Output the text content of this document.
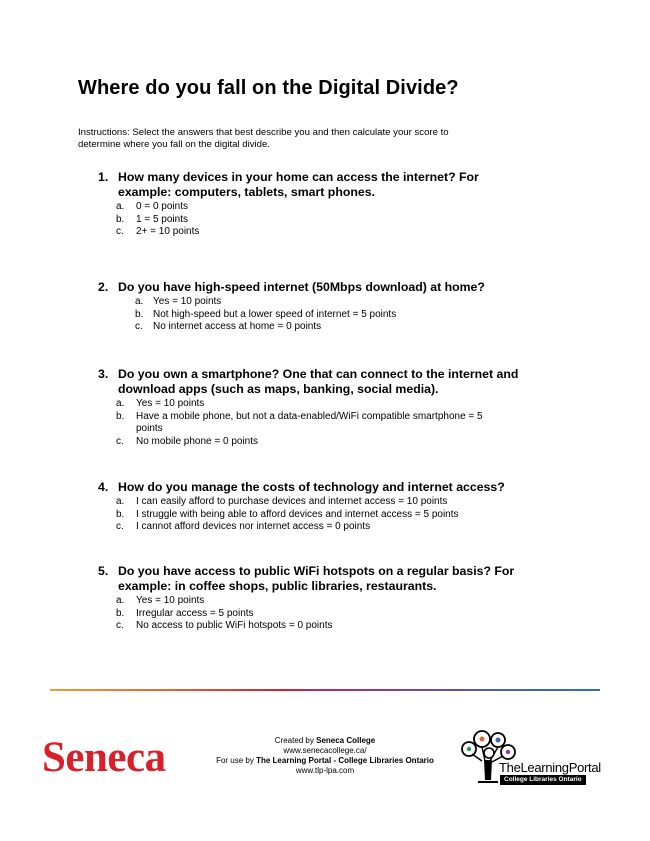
Where do you fall on the Digital Divide?
Instructions: Select the answers that best describe you and then calculate your score to
determine where you fall on the digital divide.
1. How many devices in your home can access the internet? For
example: computers, tablets, smart phones.
a. 0 = 0 points
b. 1 = 5 points
c. 2+ = 10 points
2. Do you have high-speed internet (50Mbps download) at home?
a. Yes = 10 points
b. Not high-speed but a lower speed of internet = 5 points
c. No internet access at home = 0 points
3. Do you own a smartphone? One that can connect to the internet and
download apps (such as maps, banking, social media).
a. Yes = 10 points
b. Have a mobile phone, but not a data-enabled/WiFi compatible smartphone = 5
points
c. No mobile phone = 0 points
4. How do you manage the costs of technology and internet access?
a. I can easily afford to purchase devices and internet access = 10 points
b. I struggle with being able to afford devices and internet access = 5 points
c. I cannot afford devices nor internet access = 0 points
5. Do you have access to public WiFi hotspots on a regular basis? For
example: in coffee shops, public libraries, restaurants.
a. Yes = 10 points
b. Irregular access = 5 points
c. No access to public WiFi hotspots = 0 points
Seneca	Created by Seneca College
www.senecacollege.ca/
For use by The Learning Portal - College Libraries Ontario
www.tlp-lpa.com	TheLearningPortal
College Libraries Ontario
